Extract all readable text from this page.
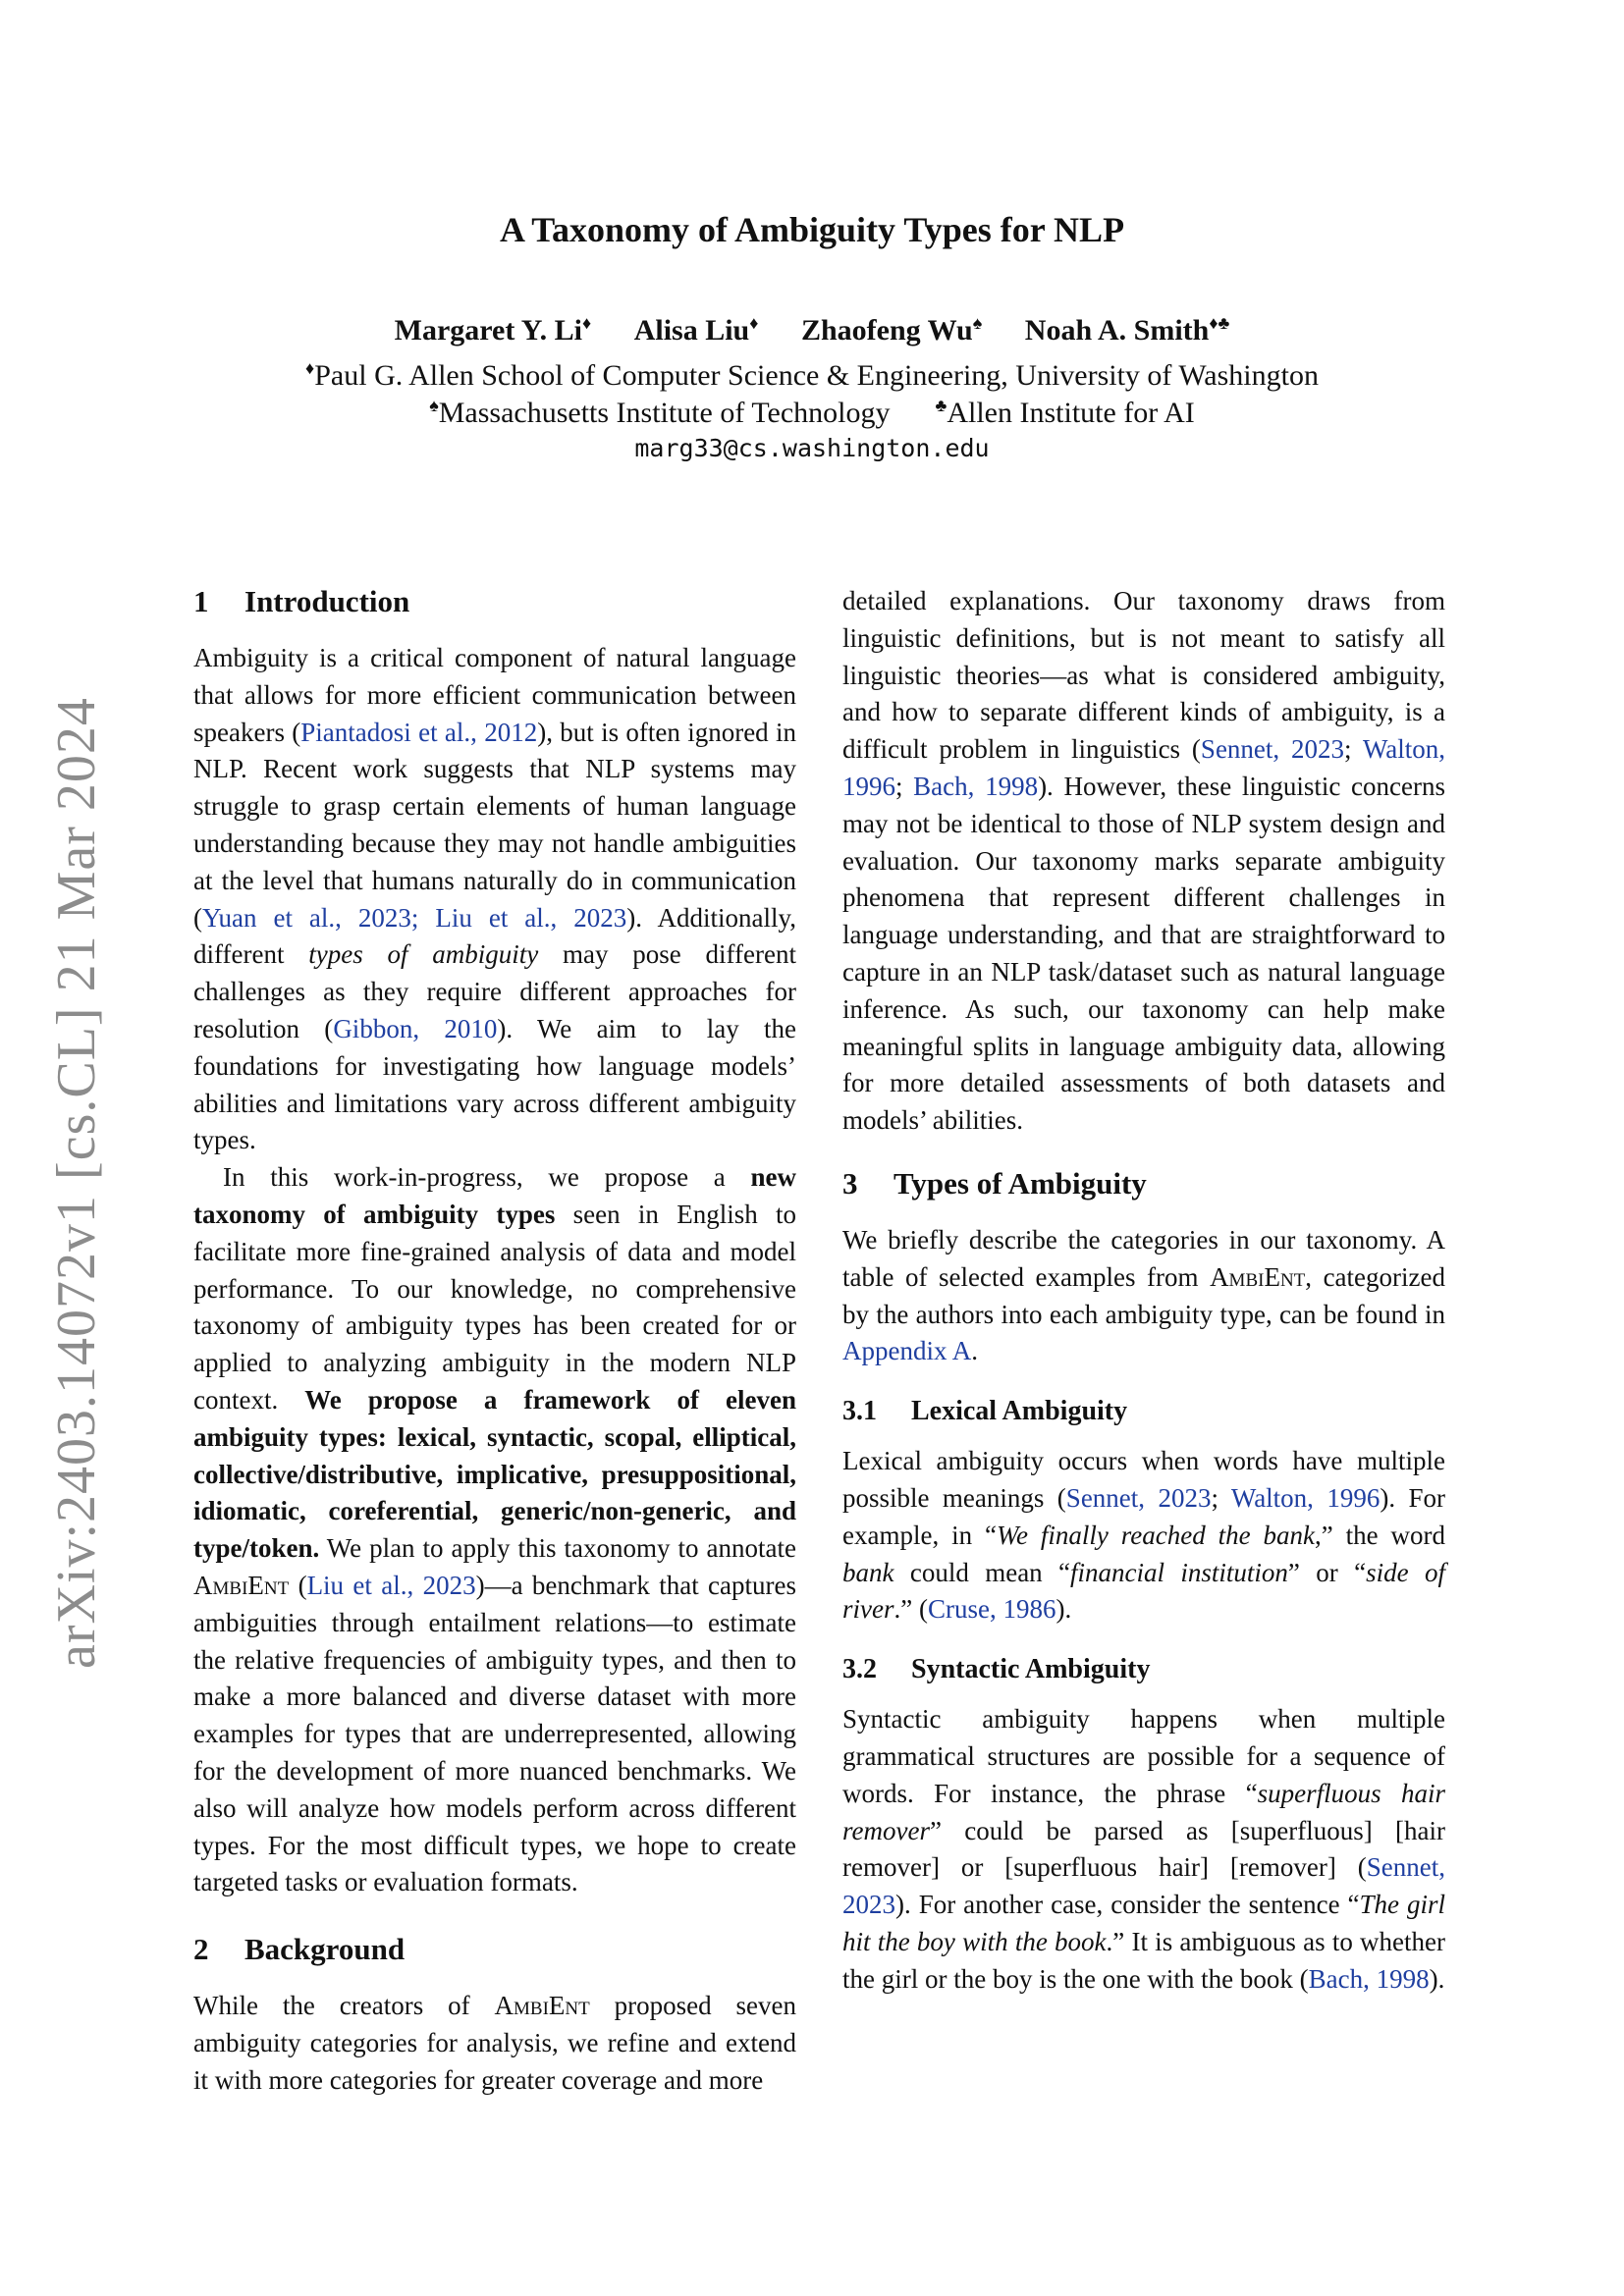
A Taxonomy of Ambiguity Types for NLP
Margaret Y. Li♦ Alisa Liu♦ Zhaofeng Wu♠ Noah A. Smith♦♣
♦Paul G. Allen School of Computer Science & Engineering, University of Washington
♠Massachusetts Institute of Technology	♣Allen Institute for AI
marg33@cs.washington.edu
arXiv:2403.14072v1 [cs.CL] 21 Mar 2024
1 Introduction

Ambiguity is a critical component of natural language that allows for more efficient communication between speakers (Piantadosi et al., 2012), but is often ignored in NLP. Recent work suggests that NLP systems may struggle to grasp certain elements of human language understanding because they may not handle ambiguities at the level that humans naturally do in communication (Yuan et al., 2023; Liu et al., 2023). Additionally, different types of ambiguity may pose different challenges as they require different approaches for resolution (Gibbon, 2010). We aim to lay the foundations for investigating how language models’ abilities and limitations vary across different ambiguity types.

In this work-in-progress, we propose a new taxonomy of ambiguity types seen in English to facilitate more fine-grained analysis of data and model performance. To our knowledge, no comprehensive taxonomy of ambiguity types has been created for or applied to analyzing ambiguity in the modern NLP context. We propose a framework of eleven ambiguity types: lexical, syntactic, scopal, elliptical, collective/distributive, implicative, presuppositional, idiomatic, coreferential, generic/non-generic, and type/token. We plan to apply this taxonomy to annotate AmbiEnt (Liu et al., 2023)—a benchmark that captures ambiguities through entailment relations—to estimate the relative frequencies of ambiguity types, and then to make a more balanced and diverse dataset with more examples for types that are underrepresented, allowing for the development of more nuanced benchmarks. We also will analyze how models perform across different types. For the most difficult types, we hope to create targeted tasks or evaluation formats.

2 Background

While the creators of AmbiEnt proposed seven ambiguity categories for analysis, we refine and extend it with more categories for greater coverage and more

3 Types of Ambiguity

We briefly describe the categories in our taxonomy. A table of selected examples from AmbiEnt, categorized by the authors into each ambiguity type, can be found in Appendix A.

3.1 Lexical Ambiguity

Lexical ambiguity occurs when words have multiple possible meanings (Sennet, 2023; Walton, 1996). For example, in “We finally reached the bank,” the word bank could mean “financial institution” or “side of river.” (Cruse, 1986).

3.2 Syntactic Ambiguity

Syntactic ambiguity happens when multiple grammatical structures are possible for a sequence of words. For instance, the phrase “superfluous hair remover” could be parsed as [superfluous] [hair remover] or [superfluous hair] [remover] (Sennet, 2023). For another case, consider the sentence “The girl hit the boy with the book.” It is ambiguous as to whether the girl or the boy is the one with the book (Bach, 1998).

detailed explanations. Our taxonomy draws from linguistic definitions, but is not meant to satisfy all linguistic theories—as what is considered ambiguity, and how to separate different kinds of ambiguity, is a difficult problem in linguistics (Sennet, 2023; Walton, 1996; Bach, 1998). However, these linguistic concerns may not be identical to those of NLP system design and evaluation. Our taxonomy marks separate ambiguity phenomena that represent different challenges in language understanding, and that are straightforward to capture in an NLP task/dataset such as natural language inference. As such, our taxonomy can help make meaningful splits in language ambiguity data, allowing for more detailed assessments of both datasets and models’ abilities.
